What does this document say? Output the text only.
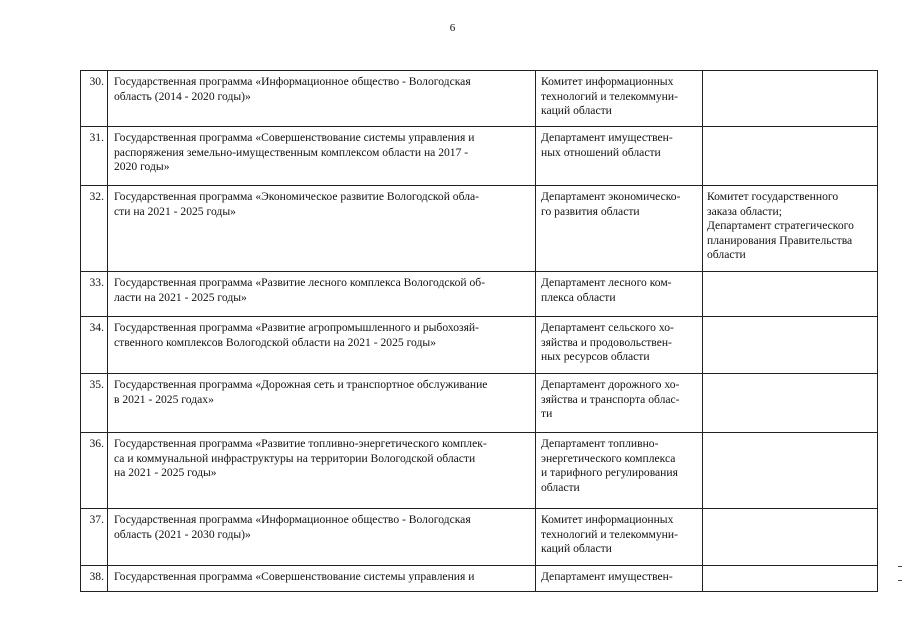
6
30.	Государственная программа «Информационное общество - Вологодская
область (2014 - 2020 годы)»	Комитет информационных
технологий и телекоммуни-
каций области	

31.	Государственная программа «Совершенствование системы управления и
распоряжения земельно-имущественным комплексом области на 2017 -
2020 годы»	Департамент имуществен-
ных отношений области	

32.	Государственная программа «Экономическое развитие Вологодской обла-
сти на 2021 - 2025 годы»	Департамент экономическо-
го развития области	Комитет государственного
заказа области;
Департамент стратегического
планирования Правительства
области

33.	Государственная программа «Развитие лесного комплекса Вологодской об-
ласти на 2021 - 2025 годы»	Департамент лесного ком-
плекса области	

34.	Государственная программа «Развитие агропромышленного и рыбохозяй-
ственного комплексов Вологодской области на 2021 - 2025 годы»	Департамент сельского хо-
зяйства и продовольствен-
ных ресурсов области	

35.	Государственная программа «Дорожная сеть и транспортное обслуживание
в 2021 - 2025 годах»	Департамент дорожного хо-
зяйства и транспорта облас-
ти	

36.	Государственная программа «Развитие топливно-энергетического комплек-
са и коммунальной инфраструктуры на территории Вологодской области
на 2021 - 2025 годы»	Департамент топливно-
энергетического комплекса
и тарифного регулирования
области	

37.	Государственная программа «Информационное общество - Вологодская
область (2021 - 2030 годы)»	Комитет информационных
технологий и телекоммуни-
каций области	

38.	Государственная программа «Совершенствование системы управления и	Департамент имуществен-	
